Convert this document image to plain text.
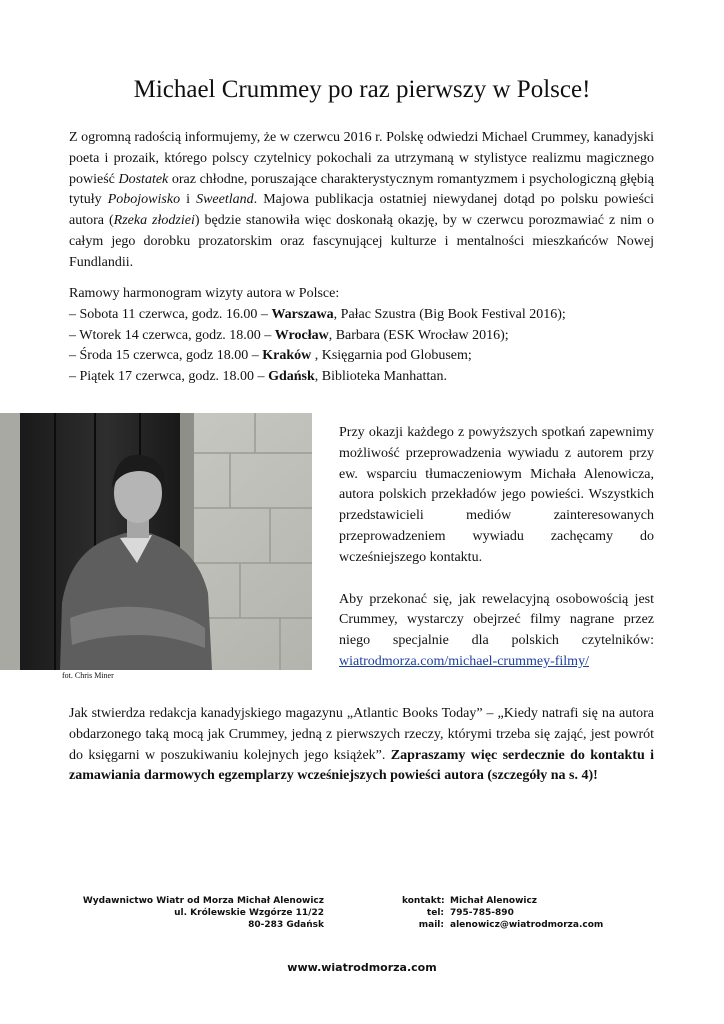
Michael Crummey po raz pierwszy w Polsce!

Z ogromną radością informujemy, że w czerwcu 2016 r. Polskę odwiedzi Michael Crummey, kanadyjski poeta i prozaik, którego polscy czytelnicy pokochali za utrzymaną w stylistyce realizmu magicznego powieść Dostatek oraz chłodne, poruszające charakterystycznym romantyzmem i psychologiczną głębią tytuły Pobojowisko i Sweetland. Majowa publikacja ostatniej niewydanej dotąd po polsku powieści autora (Rzeka złodziei) będzie stanowiła więc doskonałą okazję, by w czerwcu porozmawiać z nim o całym jego dorobku prozatorskim oraz fascynującej kulturze i mentalności mieszkańców Nowej Fundlandii.

Ramowy harmonogram wizyty autora w Polsce:
– Sobota 11 czerwca, godz. 16.00 – Warszawa, Pałac Szustra (Big Book Festival 2016);
– Wtorek 14 czerwca, godz. 18.00 – Wrocław, Barbara (ESK Wrocław 2016);
– Środa 15 czerwca, godz 18.00 – Kraków , Księgarnia pod Globusem;
– Piątek 17 czerwca, godz. 18.00 – Gdańsk, Biblioteka Manhattan.
fot. Chris Miner

Przy okazji każdego z powyższych spotkań zapewnimy możliwość przeprowadzenia wywiadu z autorem przy ew. wsparciu tłumaczeniowym Michała Alenowicza, autora polskich przekładów jego powieści. Wszystkich przedstawicieli mediów zainteresowanych przeprowadzeniem wywiadu zachęcamy do wcześniejszego kontaktu.

Aby przekonać się, jak rewelacyjną osobowością jest Crummey, wystarczy obejrzeć filmy nagrane przez niego specjalnie dla polskich czytelników: wiatrodmorza.com/michael-crummey-filmy/

Jak stwierdza redakcja kanadyjskiego magazynu „Atlantic Books Today” – „Kiedy natrafi się na autora obdarzonego taką mocą jak Crummey, jedną z pierwszych rzeczy, którymi trzeba się zająć, jest powrót do księgarni w poszukiwaniu kolejnych jego książek”. Zapraszamy więc serdecznie do kontaktu i zamawiania darmowych egzemplarzy wcześniejszych powieści autora (szczegóły na s. 4)!

Wydawnictwo Wiatr od Morza Michał Alenowicz
ul. Królewskie Wzgórze 11/22
80-283 Gdańsk
kontakt: Michał Alenowicz
tel: 795-785-890
mail: alenowicz@wiatrodmorza.com
www.wiatrodmorza.com
